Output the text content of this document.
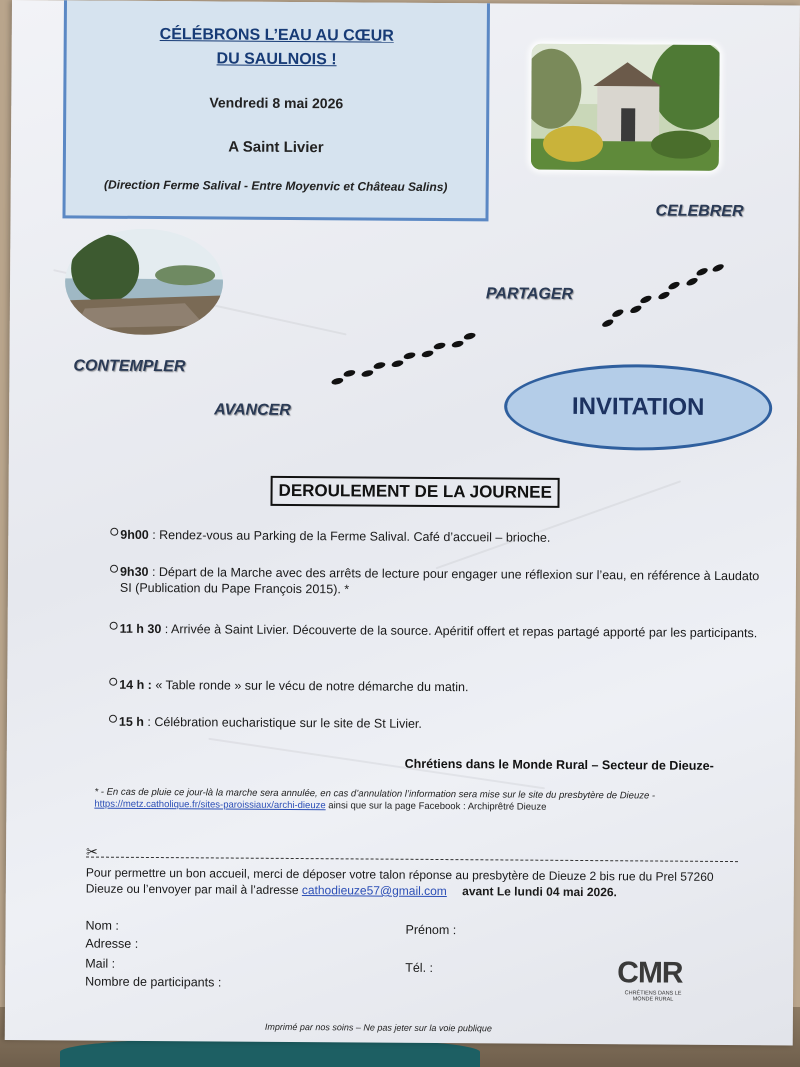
CÉLÉBRONS L’EAU AU CŒUR
DU SAULNOIS !
Vendredi 8 mai 2026
A Saint Livier
(Direction Ferme Salival - Entre Moyenvic et Château Salins)
CELEBRER
PARTAGER
CONTEMPLER
AVANCER	INVITATION
DEROULEMENT DE LA JOURNEE
9h00 : Rendez-vous au Parking de la Ferme Salival. Café d’accueil – brioche.
9h30 : Départ de la Marche avec des arrêts de lecture pour engager une réflexion sur l’eau, en référence à Laudato SI (Publication du Pape François 2015). *
11 h 30 : Arrivée à Saint Livier. Découverte de la source. Apéritif offert et repas partagé apporté par les participants.
14 h : « Table ronde » sur le vécu de notre démarche du matin.
15 h : Célébration eucharistique sur le site de St Livier.
Chrétiens dans le Monde Rural – Secteur de Dieuze-
* - En cas de pluie ce jour-là la marche sera annulée, en cas d’annulation l’information sera mise sur le site du presbytère de Dieuze - https://metz.catholique.fr/sites-paroissiaux/archi-dieuze ainsi que sur la page Facebook : Archiprêtré Dieuze
✂
Pour permettre un bon accueil, merci de déposer votre talon réponse au presbytère de Dieuze 2 bis rue du Prel 57260 Dieuze ou l’envoyer par mail à l’adresse cathodieuze57@gmail.com avant Le lundi 04 mai 2026.
Nom :	Prénom :
Adresse :
Mail :	Tél. :
Nombre de participants :	CMR
CHRÉTIENS DANS LE MONDE RURAL
Imprimé par nos soins – Ne pas jeter sur la voie publique
